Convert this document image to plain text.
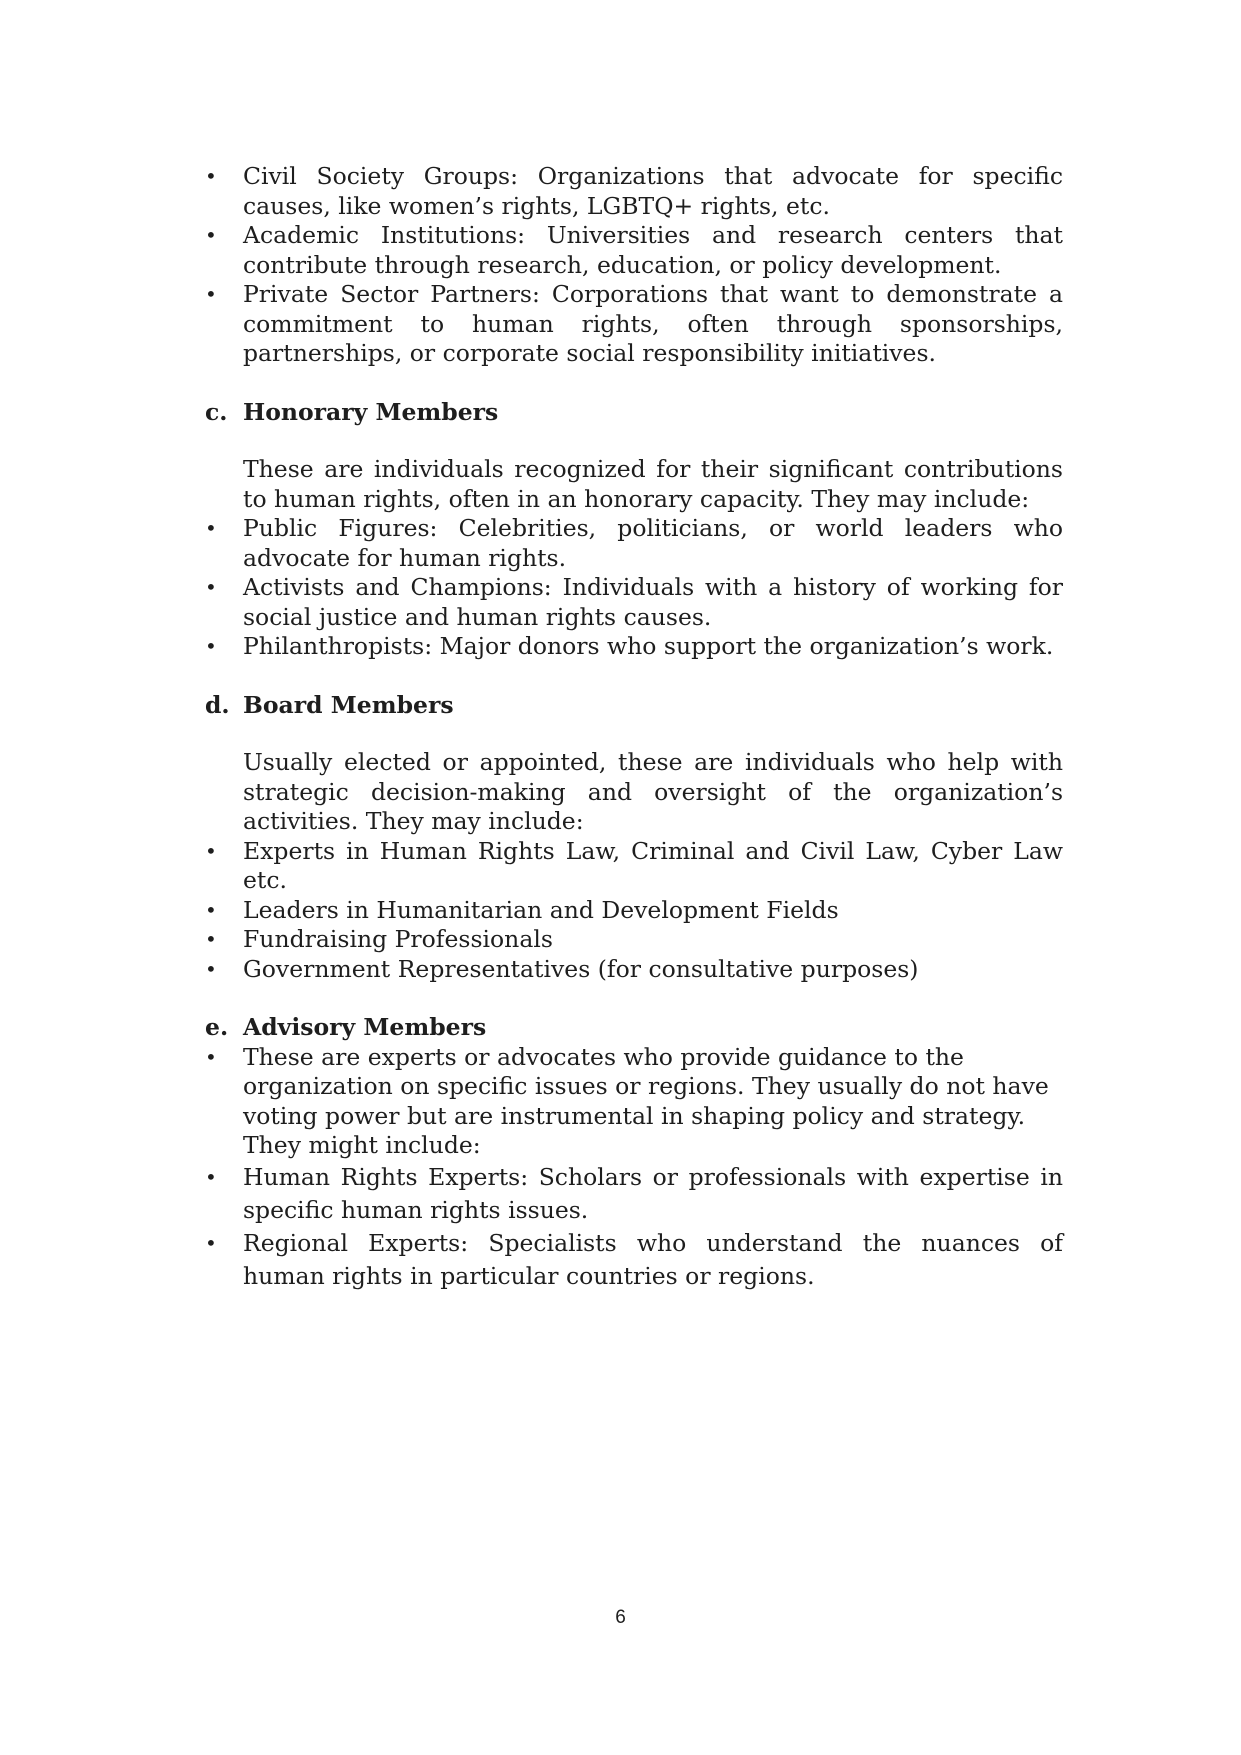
•	Civil Society Groups: Organizations that advocate for specific causes, like women’s rights, LGBTQ+ rights, etc.
•	Academic Institutions: Universities and research centers that contribute through research, education, or policy development.
•	Private Sector Partners: Corporations that want to demonstrate a commitment to human rights, often through sponsorships, partnerships, or corporate social responsibility initiatives.
c. Honorary Members
These are individuals recognized for their significant contributions to human rights, often in an honorary capacity. They may include:
•	Public Figures: Celebrities, politicians, or world leaders who advocate for human rights.
•	Activists and Champions: Individuals with a history of working for social justice and human rights causes.
•	Philanthropists: Major donors who support the organization’s work.
d. Board Members
Usually elected or appointed, these are individuals who help with strategic decision-making and oversight of the organization’s activities. They may include:
•	Experts in Human Rights Law, Criminal and Civil Law, Cyber Law etc.
•	Leaders in Humanitarian and Development Fields
•	Fundraising Professionals
•	Government Representatives (for consultative purposes)
e. Advisory Members
•	These are experts or advocates who provide guidance to the organization on specific issues or regions. They usually do not have voting power but are instrumental in shaping policy and strategy. They might include:
•	Human Rights Experts: Scholars or professionals with expertise in specific human rights issues.
•	Regional Experts: Specialists who understand the nuances of human rights in particular countries or regions.
6
